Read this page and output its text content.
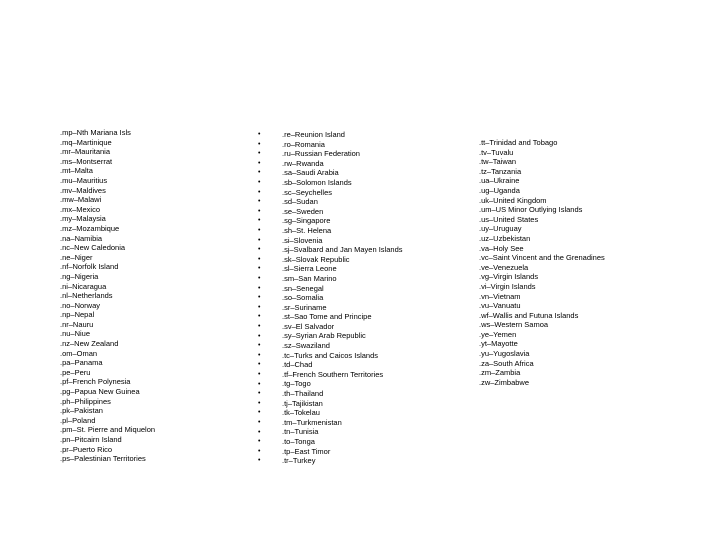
.mp–Nth Mariana Isls
.mq–Martinique
.mr–Mauritania
.ms–Montserrat
.mt–Malta
.mu–Mauritius
.mv–Maldives
.mw–Malawi
.mx–Mexico
.my–Malaysia
.mz–Mozambique
.na–Namibia
.nc–New Caledonia
.ne–Niger
.nf–Norfolk Island
.ng–Nigeria
.ni–Nicaragua
.nl–Netherlands
.no–Norway
.np–Nepal
.nr–Nauru
.nu–Niue
.nz–New Zealand
.om–Oman
.pa–Panama
.pe–Peru
.pf–French Polynesia
.pg–Papua New Guinea
.ph–Philippines
.pk–Pakistan
.pl–Poland
.pm–St. Pierre and Miquelon
.pn–Pitcairn Island
.pr–Puerto Rico
.ps–Palestinian Territories
•
•
•
•
•
•
•
•
•
•
•
•
•
•
•
•
•
•
•
•
•
•
•
•
•
•
•
•
•
•
•
•
•
•
•
.re–Reunion Island
.ro–Romania
.ru–Russian Federation
.rw–Rwanda
.sa–Saudi Arabia
.sb–Solomon Islands
.sc–Seychelles
.sd–Sudan
.se–Sweden
.sg–Singapore
.sh–St. Helena
.si–Slovenia
.sj–Svalbard and Jan Mayen Islands
.sk–Slovak Republic
.sl–Sierra Leone
.sm–San Marino
.sn–Senegal
.so–Somalia
.sr–Suriname
.st–Sao Tome and Principe
.sv–El Salvador
.sy–Syrian Arab Republic
.sz–Swaziland
.tc–Turks and Caicos Islands
.td–Chad
.tf–French Southern Territories
.tg–Togo
.th–Thailand
.tj–Tajikistan
.tk–Tokelau
.tm–Turkmenistan
.tn–Tunisia
.to–Tonga
.tp–East Timor
.tr–Turkey
.tt–Trinidad and Tobago
.tv–Tuvalu
.tw–Taiwan
.tz–Tanzania
.ua–Ukraine
.ug–Uganda
.uk–United Kingdom
.um–US Minor Outlying Islands
.us–United States
.uy–Uruguay
.uz–Uzbekistan
.va–Holy See
.vc–Saint Vincent and the Grenadines
.ve–Venezuela
.vg–Virgin Islands
.vi–Virgin Islands
.vn–Vietnam
.vu–Vanuatu
.wf–Wallis and Futuna Islands
.ws–Western Samoa
.ye–Yemen
.yt–Mayotte
.yu–Yugoslavia
.za–South Africa
.zm–Zambia
.zw–Zimbabwe
